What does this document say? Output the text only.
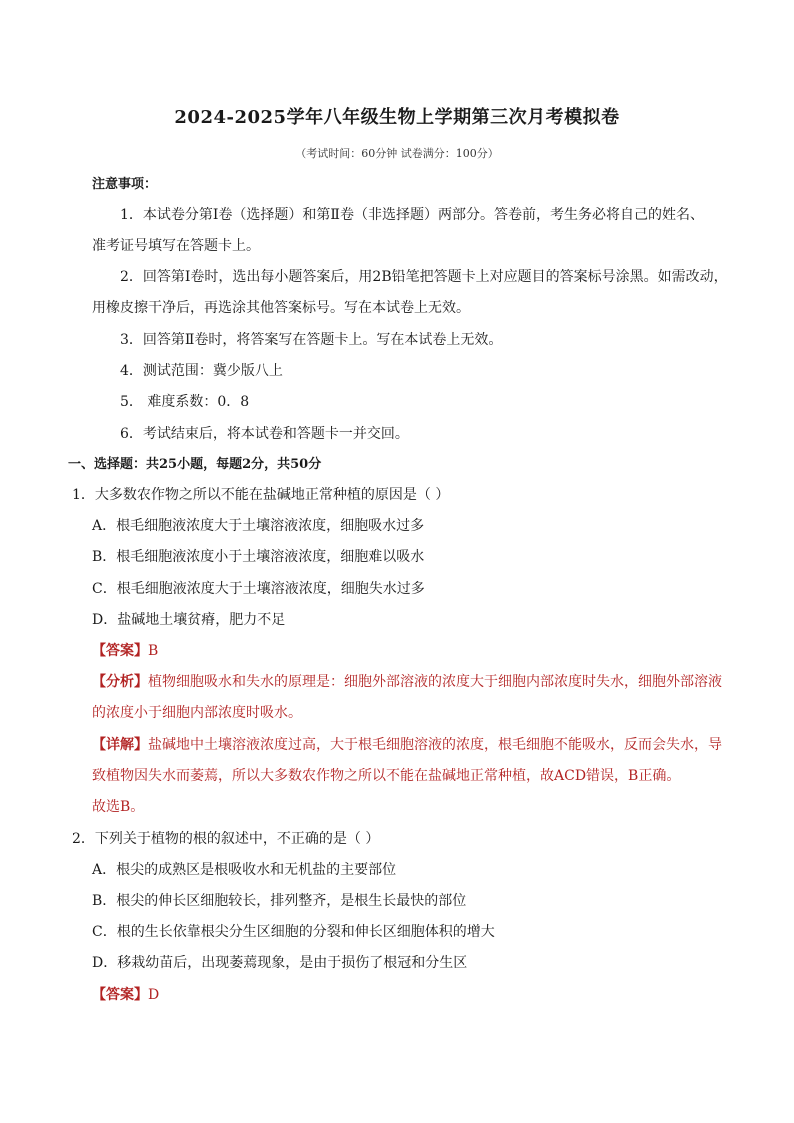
2024-2025学年八年级生物上学期第三次月考模拟卷
（考试时间：60分钟 试卷满分：100分）
注意事项：
1．本试卷分第Ⅰ卷（选择题）和第Ⅱ卷（非选择题）两部分。答卷前，考生务必将自己的姓名、
准考证号填写在答题卡上。
2．回答第Ⅰ卷时，选出每小题答案后，用2B铅笔把答题卡上对应题目的答案标号涂黑。如需改动，
用橡皮擦干净后，再选涂其他答案标号。写在本试卷上无效。
3．回答第Ⅱ卷时，将答案写在答题卡上。写在本试卷上无效。
4．测试范围：冀少版八上
5． 难度系数：0．8
6．考试结束后，将本试卷和答题卡一并交回。
一、选择题：共25小题，每题2分，共50分
1．大多数农作物之所以不能在盐碱地正常种植的原因是（ ）
A．根毛细胞液浓度大于土壤溶液浓度，细胞吸水过多
B．根毛细胞液浓度小于土壤溶液浓度，细胞难以吸水
C．根毛细胞液浓度大于土壤溶液浓度，细胞失水过多
D．盐碱地土壤贫瘠，肥力不足
【答案】B
【分析】植物细胞吸水和失水的原理是：细胞外部溶液的浓度大于细胞内部浓度时失水，细胞外部溶液
的浓度小于细胞内部浓度时吸水。
【详解】盐碱地中土壤溶液浓度过高，大于根毛细胞溶液的浓度，根毛细胞不能吸水，反而会失水，导
致植物因失水而萎蔫，所以大多数农作物之所以不能在盐碱地正常种植，故ACD错误，B正确。
故选B。
2．下列关于植物的根的叙述中，不正确的是（ ）
A．根尖的成熟区是根吸收水和无机盐的主要部位
B．根尖的伸长区细胞较长，排列整齐，是根生长最快的部位
C．根的生长依靠根尖分生区细胞的分裂和伸长区细胞体积的增大
D．移栽幼苗后，出现萎蔫现象，是由于损伤了根冠和分生区
【答案】D
